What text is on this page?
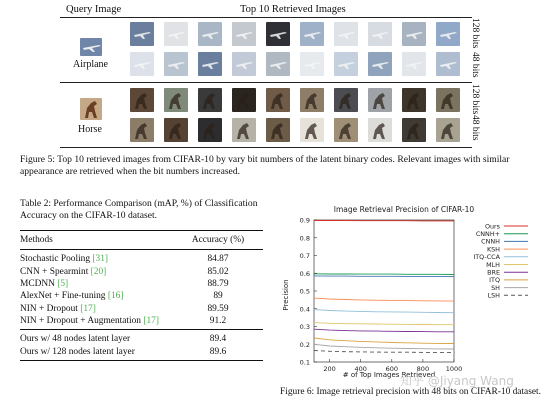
Query Image	Top 10 Retrieved Images
Airplane
Horse
128 bits
48 bits
128 bits
48 bits
Figure 5: Top 10 retrieved images from CIFAR-10 by vary bit numbers of the latent binary codes. Relevant images with similar appearance are retrieved when the bit numbers increased.
Table 2: Performance Comparison (mAP, %) of Classification Accuracy on the CIFAR-10 dataset.
Methods	Accuracy (%)
Stochastic Pooling [31]	84.87
CNN + Spearmint [20]	85.02
MCDNN [5]	88.79
AlexNet + Fine-tuning [16]	89
NIN + Dropout [17]	89.59
NIN + Dropout + Augmentation [17]	91.2
Ours w/ 48 nodes latent layer	89.4
Ours w/ 128 nodes latent layer	89.6
Image Retrieval Precision of CIFAR-10
0.1
0.2
0.3
0.4
0.5
0.6
0.7
0.8
0.9
200	400	600	800	1000
Precision
# of Top Images Retrieved
Ours
CNNH+
CNNH
KSH
ITQ-CCA
MLH
BRE
ITQ
SH
LSH
知乎 @Jiyang Wang
Figure 6: Image retrieval precision with 48 bits on CIFAR-10 dataset.
